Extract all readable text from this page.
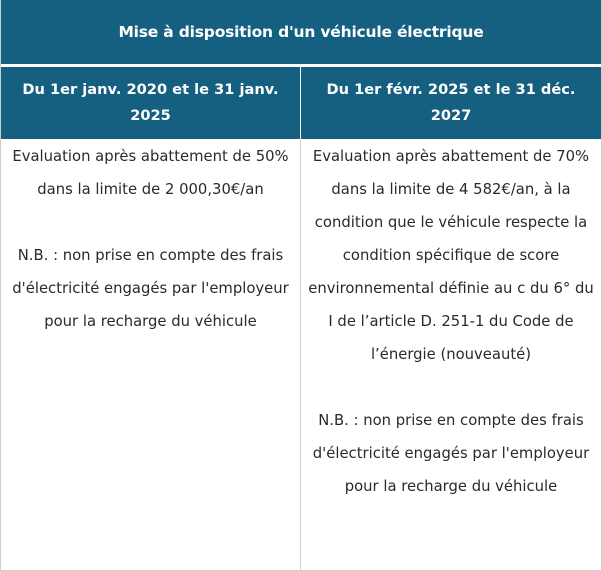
Mise à disposition d'un véhicule électrique
Du 1er janv. 2020 et le 31 janv. 2025
Du 1er févr. 2025 et le 31 déc. 2027

Evaluation après abattement de 50% dans la limite de 2 000,30€/an

N.B. : non prise en compte des frais d'électricité engagés par l'employeur pour la recharge du véhicule

Evaluation après abattement de 70% dans la limite de 4 582€/an, à la condition que le véhicule respecte la condition spécifique de score environnemental définie au c du 6° du I de l’article D. 251-1 du Code de l’énergie (nouveauté)

N.B. : non prise en compte des frais d'électricité engagés par l'employeur pour la recharge du véhicule
